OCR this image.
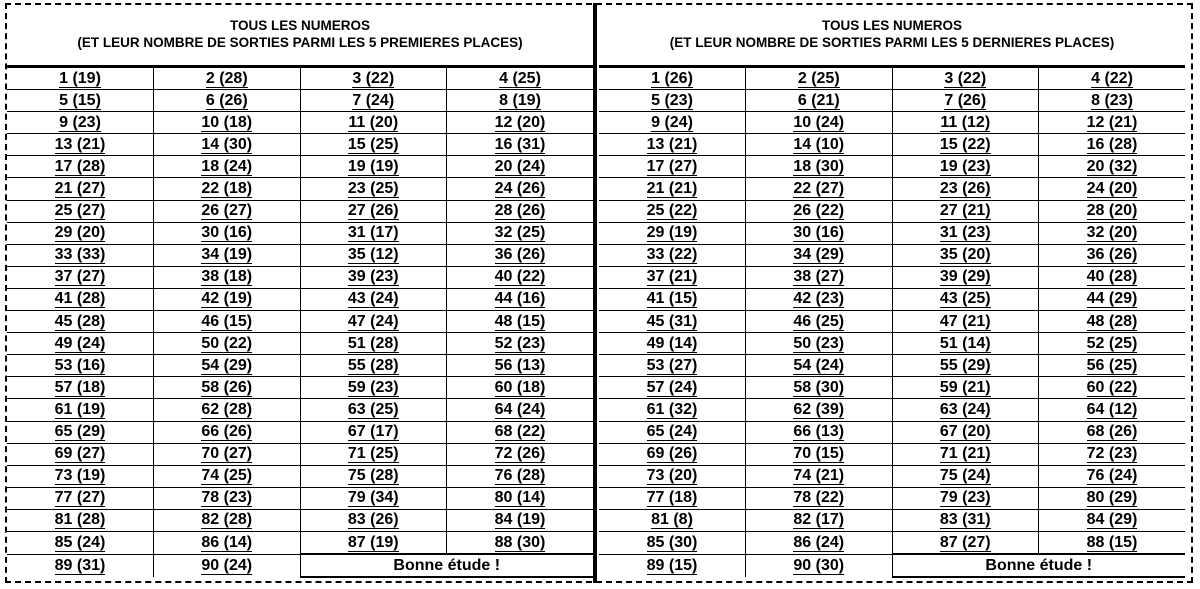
TOUS LES NUMEROS
(ET LEUR NOMBRE DE SORTIES PARMI LES 5 PREMIERES PLACES)
1 (19)	2 (28)	3 (22)	4 (25)
5 (15)	6 (26)	7 (24)	8 (19)
9 (23)	10 (18)	11 (20)	12 (20)
13 (21)	14 (30)	15 (25)	16 (31)
17 (28)	18 (24)	19 (19)	20 (24)
21 (27)	22 (18)	23 (25)	24 (26)
25 (27)	26 (27)	27 (26)	28 (26)
29 (20)	30 (16)	31 (17)	32 (25)
33 (33)	34 (19)	35 (12)	36 (26)
37 (27)	38 (18)	39 (23)	40 (22)
41 (28)	42 (19)	43 (24)	44 (16)
45 (28)	46 (15)	47 (24)	48 (15)
49 (24)	50 (22)	51 (28)	52 (23)
53 (16)	54 (29)	55 (28)	56 (13)
57 (18)	58 (26)	59 (23)	60 (18)
61 (19)	62 (28)	63 (25)	64 (24)
65 (29)	66 (26)	67 (17)	68 (22)
69 (27)	70 (27)	71 (25)	72 (26)
73 (19)	74 (25)	75 (28)	76 (28)
77 (27)	78 (23)	79 (34)	80 (14)
81 (28)	82 (28)	83 (26)	84 (19)
85 (24)	86 (14)	87 (19)	88 (30)
89 (31)	90 (24)	Bonne étude !	
TOUS LES NUMEROS
(ET LEUR NOMBRE DE SORTIES PARMI LES 5 DERNIERES PLACES)
1 (26)	2 (25)	3 (22)	4 (22)
5 (23)	6 (21)	7 (26)	8 (23)
9 (24)	10 (24)	11 (12)	12 (21)
13 (21)	14 (10)	15 (22)	16 (28)
17 (27)	18 (30)	19 (23)	20 (32)
21 (21)	22 (27)	23 (26)	24 (20)
25 (22)	26 (22)	27 (21)	28 (20)
29 (19)	30 (16)	31 (23)	32 (20)
33 (22)	34 (29)	35 (20)	36 (26)
37 (21)	38 (27)	39 (29)	40 (28)
41 (15)	42 (23)	43 (25)	44 (29)
45 (31)	46 (25)	47 (21)	48 (28)
49 (14)	50 (23)	51 (14)	52 (25)
53 (27)	54 (24)	55 (29)	56 (25)
57 (24)	58 (30)	59 (21)	60 (22)
61 (32)	62 (39)	63 (24)	64 (12)
65 (24)	66 (13)	67 (20)	68 (26)
69 (26)	70 (15)	71 (21)	72 (23)
73 (20)	74 (21)	75 (24)	76 (24)
77 (18)	78 (22)	79 (23)	80 (29)
81 (8)	82 (17)	83 (31)	84 (29)
85 (30)	86 (24)	87 (27)	88 (15)
89 (15)	90 (30)	Bonne étude !	
